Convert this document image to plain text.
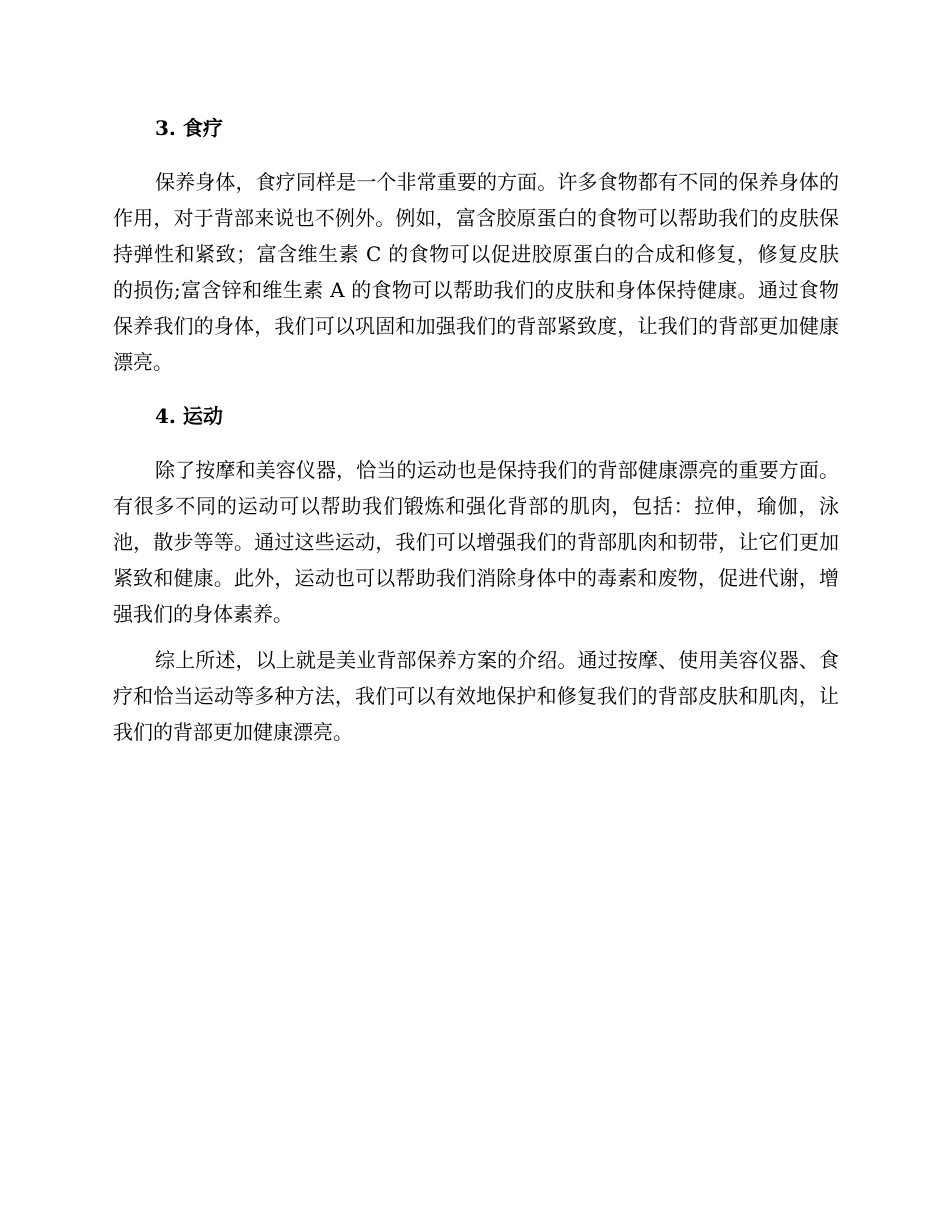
3. 食疗

保养身体，食疗同样是一个非常重要的方面。许多食物都有不同的保养身体的作用，对于背部来说也不例外。例如，富含胶原蛋白的食物可以帮助我们的皮肤保持弹性和紧致；富含维生素 C 的食物可以促进胶原蛋白的合成和修复，修复皮肤的损伤;富含锌和维生素 A 的食物可以帮助我们的皮肤和身体保持健康。通过食物保养我们的身体，我们可以巩固和加强我们的背部紧致度，让我们的背部更加健康漂亮。

4. 运动

除了按摩和美容仪器，恰当的运动也是保持我们的背部健康漂亮的重要方面。有很多不同的运动可以帮助我们锻炼和强化背部的肌肉，包括：拉伸，瑜伽，泳池，散步等等。通过这些运动，我们可以增强我们的背部肌肉和韧带，让它们更加紧致和健康。此外，运动也可以帮助我们消除身体中的毒素和废物，促进代谢，增强我们的身体素养。

综上所述，以上就是美业背部保养方案的介绍。通过按摩、使用美容仪器、食疗和恰当运动等多种方法，我们可以有效地保护和修复我们的背部皮肤和肌肉，让我们的背部更加健康漂亮。
